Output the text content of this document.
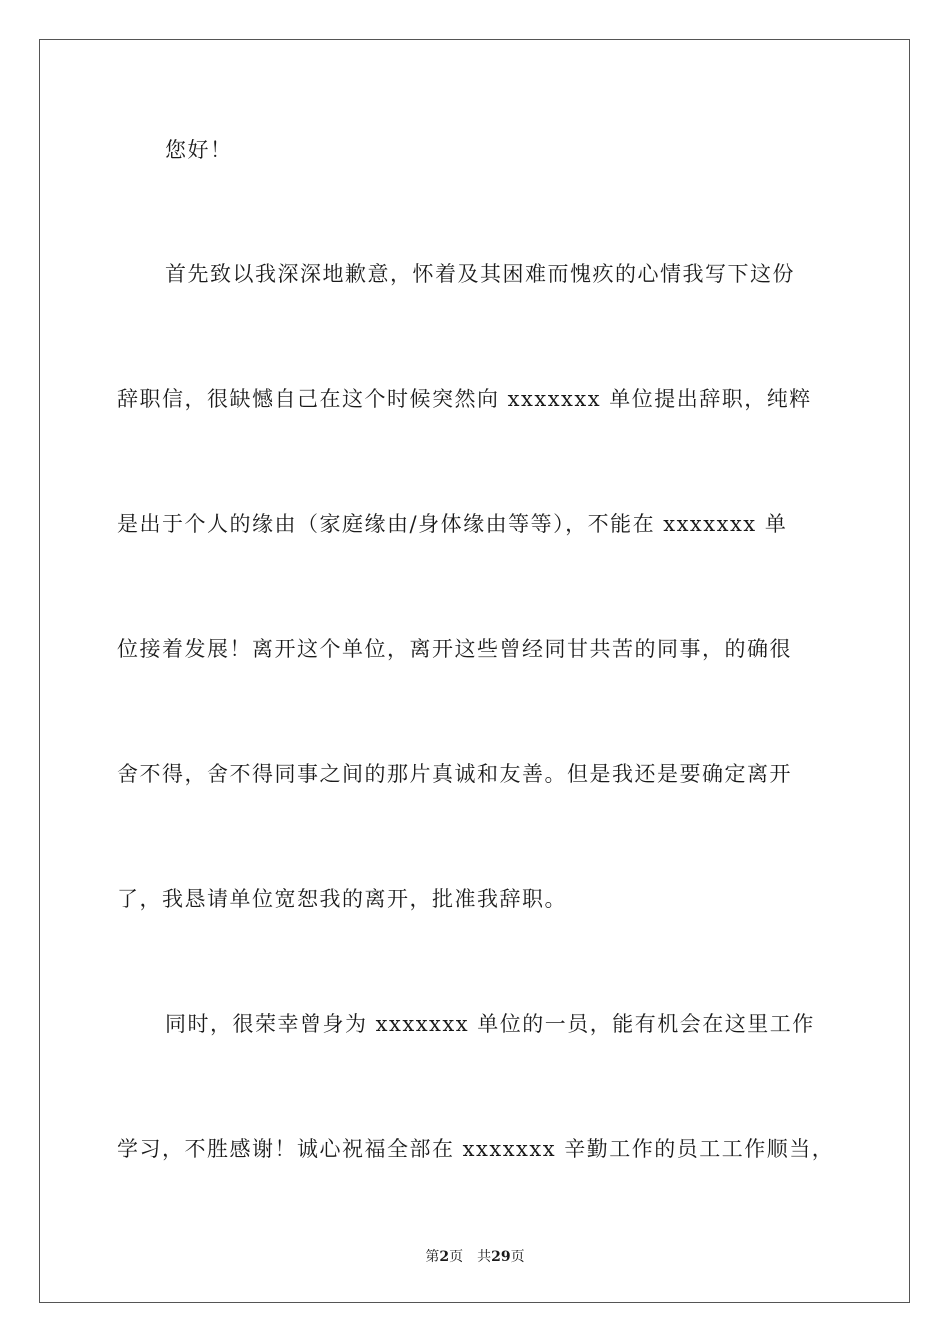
您好！
首先致以我深深地歉意，怀着及其困难而愧疚的心情我写下这份
辞职信，很缺憾自己在这个时候突然向 xxxxxxx 单位提出辞职，纯粹
是出于个人的缘由（家庭缘由/身体缘由等等），不能在 xxxxxxx 单
位接着发展！离开这个单位，离开这些曾经同甘共苦的同事，的确很
舍不得，舍不得同事之间的那片真诚和友善。但是我还是要确定离开
了，我恳请单位宽恕我的离开，批准我辞职。
同时，很荣幸曾身为 xxxxxxx 单位的一员，能有机会在这里工作
学习，不胜感谢！诚心祝福全部在 xxxxxxx 辛勤工作的员工工作顺当，
第2页 共29页
